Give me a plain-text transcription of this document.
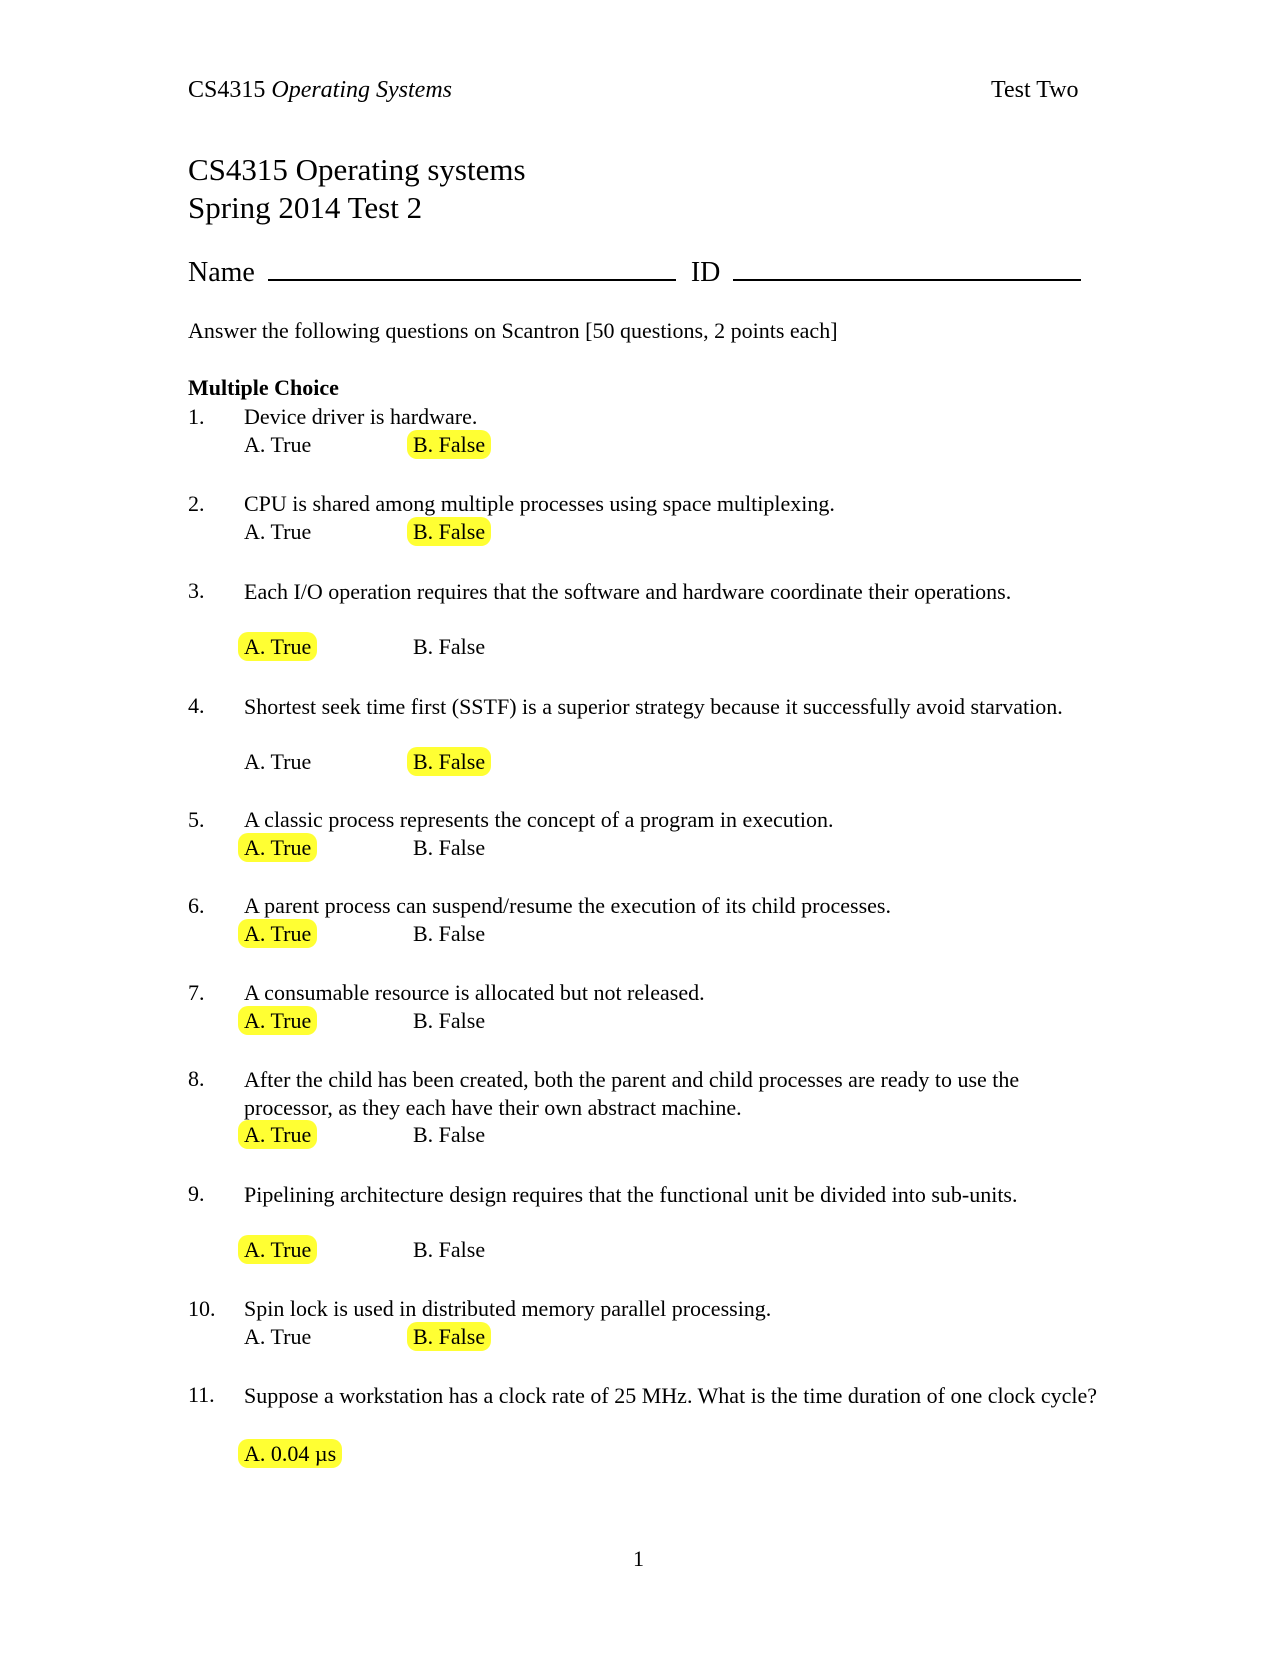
CS4315 Operating Systems	Test Two
CS4315 Operating systems
Spring 2014 Test 2
Name	ID
Answer the following questions on Scantron [50 questions, 2 points each]
Multiple Choice
1. Device driver is hardware.
A. True	B. False
2. CPU is shared among multiple processes using space multiplexing.
A. True	B. False
3. Each I/O operation requires that the software and hardware coordinate their operations.
A. True	B. False
4. Shortest seek time first (SSTF) is a superior strategy because it successfully avoid starvation.
A. True	B. False
5. A classic process represents the concept of a program in execution.
A. True	B. False
6. A parent process can suspend/resume the execution of its child processes.
A. True	B. False
7. A consumable resource is allocated but not released.
A. True	B. False
8. After the child has been created, both the parent and child processes are ready to use the processor, as they each have their own abstract machine.
A. True	B. False
9. Pipelining architecture design requires that the functional unit be divided into sub-units.
A. True	B. False
10. Spin lock is used in distributed memory parallel processing.
A. True	B. False
11. Suppose a workstation has a clock rate of 25 MHz. What is the time duration of one clock cycle?
A. 0.04 µs
1
